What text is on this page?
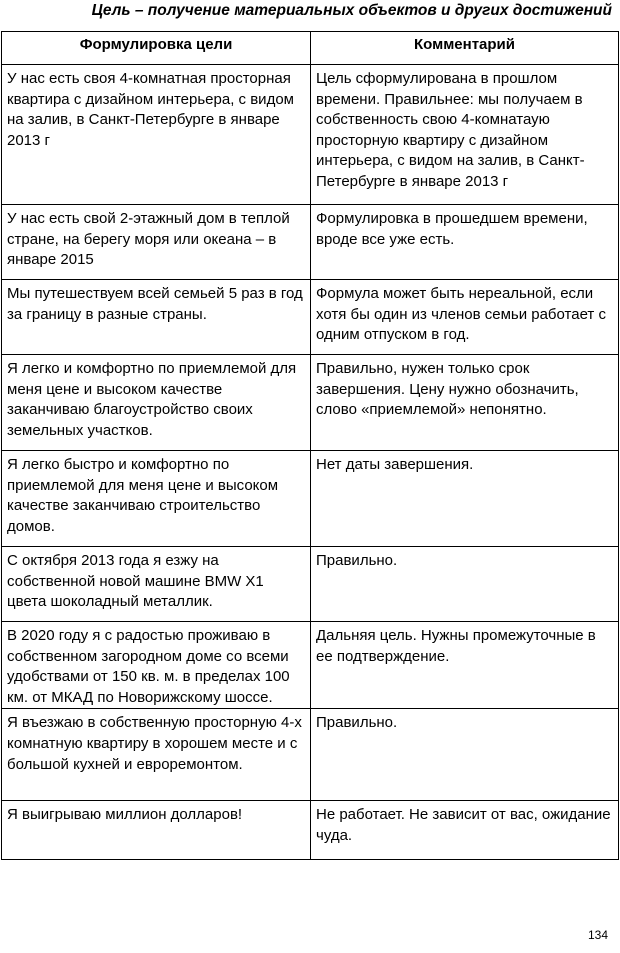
Цель – получение материальных объектов и других достижений
Формулировка цели	Комментарий
У нас есть своя 4-комнатная просторная квартира с дизайном интерьера, с видом на залив, в Санкт-Петербурге в январе 2013 г	Цель сформулирована в прошлом времени. Правильнее: мы получаем в собственность свою 4-комнатаую просторную квартиру с дизайном интерьера, с видом на залив, в Санкт-Петербурге в январе 2013 г
У нас есть свой 2-этажный дом в теплой стране, на берегу моря или океана – в январе 2015	Формулировка в прошедшем времени, вроде все уже есть.
Мы путешествуем всей семьей 5 раз в год за границу в разные страны.	Формула может быть нереальной, если хотя бы один из членов семьи работает с одним отпуском в год.
Я легко и комфортно по приемлемой для меня цене и высоком качестве заканчиваю благоустройство своих земельных участков.	Правильно, нужен только срок завершения. Цену нужно обозначить, слово «приемлемой» непонятно.
Я легко быстро и комфортно по приемлемой для меня цене и высоком качестве заканчиваю строительство домов.	Нет даты завершения.
С октября 2013 года я езжу на собственной новой машине BMW X1 цвета шоколадный металлик.	Правильно.
В 2020 году я с радостью проживаю в собственном загородном доме со всеми удобствами от 150 кв. м. в пределах 100 км. от МКАД по Новорижскому шоссе.	Дальняя цель. Нужны промежуточные в ее подтверждение.
Я въезжаю в собственную просторную 4-х комнатную квартиру в хорошем месте и с большой кухней и евроремонтом.	Правильно.
Я выигрываю миллион долларов!	Не работает. Не зависит от вас, ожидание чуда.
134
